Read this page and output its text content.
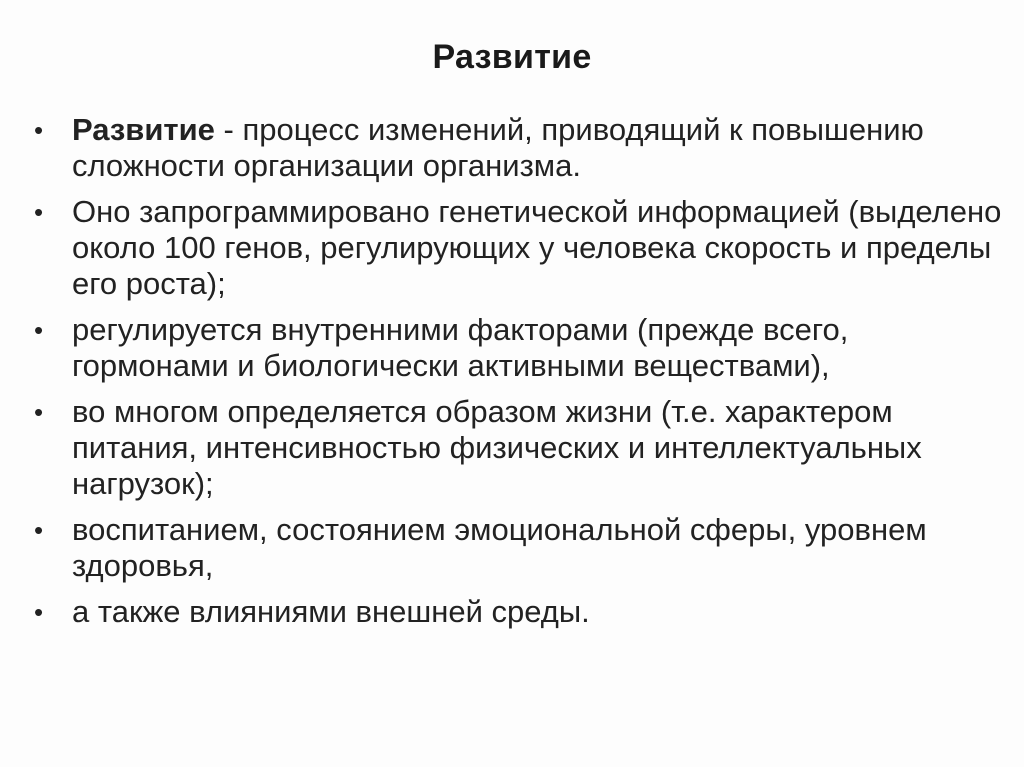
Развитие
• Развитие - процесс изменений, приводящий к повышению сложности организации организма.
• Оно запрограммировано генетической информацией (выделено около 100 генов, регулирующих у человека скорость и пределы его роста);
• регулируется внутренними факторами (прежде всего, гормонами и биологически активными веществами),
• во многом определяется образом жизни (т.е. характером питания, интенсивностью физических и интеллектуальных нагрузок);
• воспитанием, состоянием эмоциональной сферы, уровнем здоровья,
• а также влияниями внешней среды.
